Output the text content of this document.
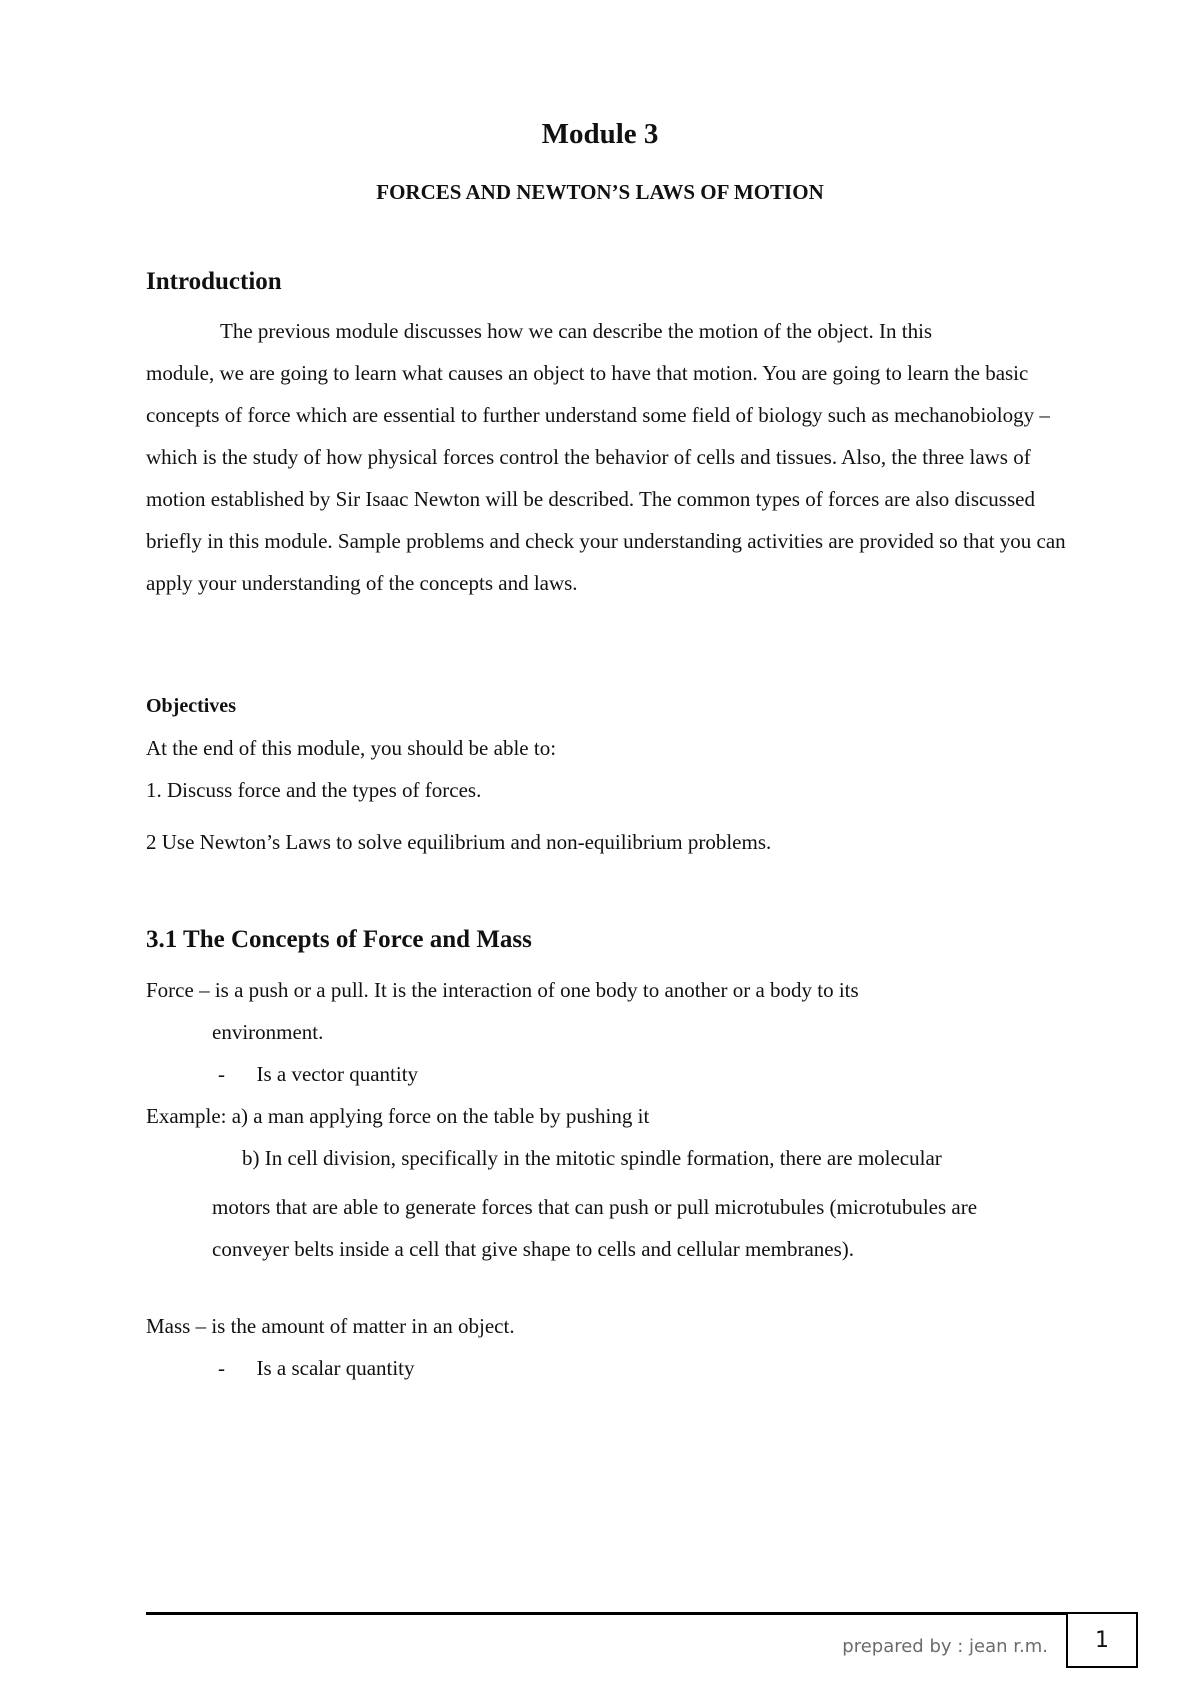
Module 3
FORCES AND NEWTON’S LAWS OF MOTION
Introduction

The previous module discusses how we can describe the motion of the object. In this
module, we are going to learn what causes an object to have that motion. You are going to learn the basic concepts of force which are essential to further understand some field of biology such as mechanobiology – which is the study of how physical forces control the behavior of cells and tissues. Also, the three laws of motion established by Sir Isaac Newton will be described. The common types of forces are also discussed briefly in this module. Sample problems and check your understanding activities are provided so that you can apply your understanding of the concepts and laws.

Objectives
At the end of this module, you should be able to:
1. Discuss force and the types of forces.
2 Use Newton’s Laws to solve equilibrium and non-equilibrium problems.
3.1 The Concepts of Force and Mass
Force – is a push or a pull. It is the interaction of one body to another or a body to its
environment.
-      Is a vector quantity
Example: a) a man applying force on the table by pushing it
b) In cell division, specifically in the mitotic spindle formation, there are molecular
motors that are able to generate forces that can push or pull microtubules (microtubules are conveyer belts inside a cell that give shape to cells and cellular membranes).
Mass – is the amount of matter in an object.
-      Is a scalar quantity
prepared by : jean r.m. 1
